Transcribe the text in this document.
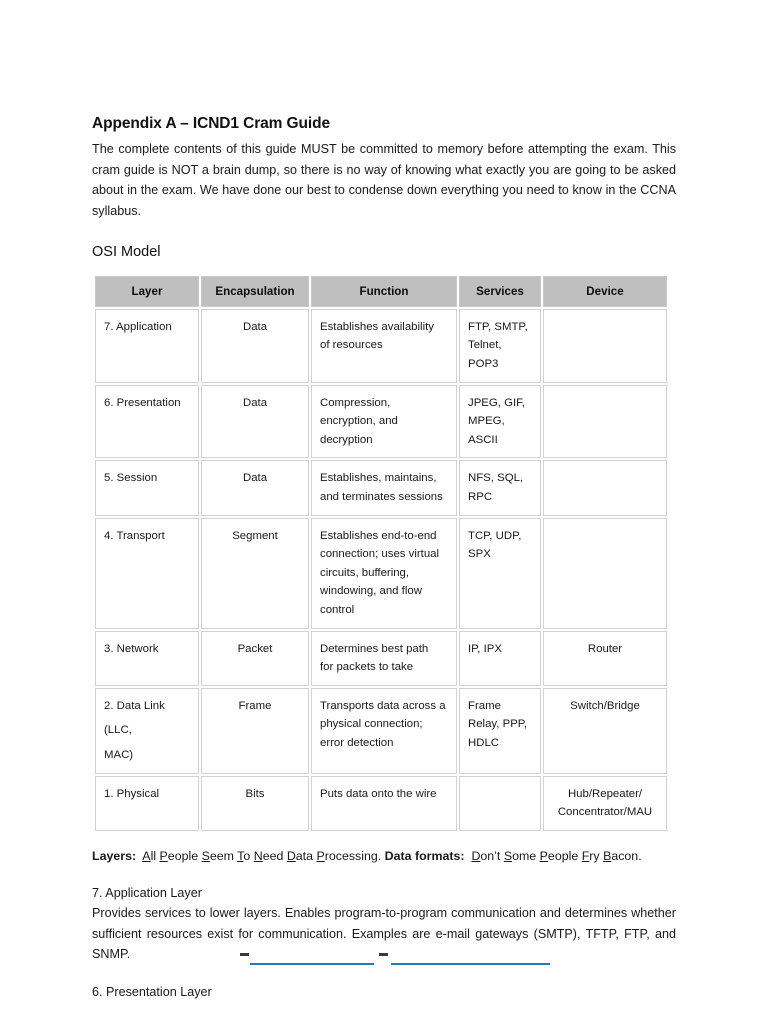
Appendix A – ICND1 Cram Guide

The complete contents of this guide MUST be committed to memory before attempting the exam. This cram guide is NOT a brain dump, so there is no way of knowing what exactly you are going to be asked about in the exam. We have done our best to condense down everything you need to know in the CCNA syllabus.

OSI Model
Layer	Encapsulation	Function	Services	Device

7. Application	Data	Establishes availability
of resources	FTP, SMTP,
Telnet,
POP3	

6. Presentation	Data	Compression,
encryption, and
decryption	JPEG, GIF,
MPEG, ASCII	

5. Session	Data	Establishes, maintains,
and terminates sessions	NFS, SQL,
RPC	

4. Transport	Segment	Establishes end-to-end
connection; uses virtual
circuits, buffering,
windowing, and flow
control	TCP, UDP,
SPX	

3. Network	Packet	Determines best path
for packets to take	IP, IPX	Router

2. Data Link
(LLC,
MAC)	Frame	Transports data across a
physical connection;
error detection	Frame
Relay, PPP,
HDLC	Switch/Bridge

1. Physical	Bits	Puts data onto the wire		Hub/Repeater/
Concentrator/MAU

Layers: All People Seem To Need Data Processing. Data formats: Don’t Some People Fry Bacon.

7. Application Layer

Provides services to lower layers. Enables program-to-program communication and determines whether sufficient resources exist for communication. Examples are e-mail gateways (SMTP), TFTP, FTP, and SNMP.

6. Presentation Layer
